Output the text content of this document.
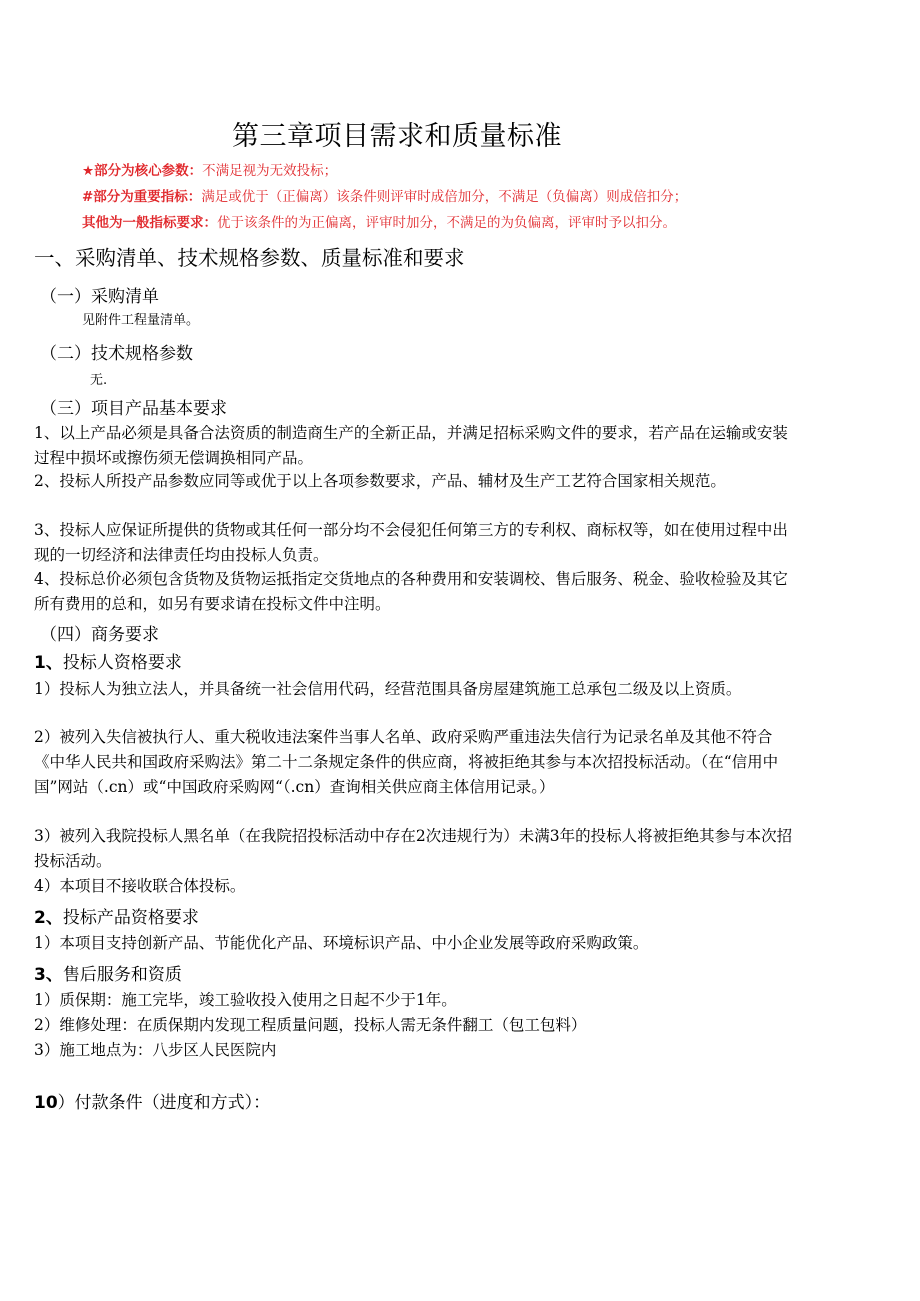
第三章项目需求和质量标准
★部分为核心参数：不满足视为无效投标；
#部分为重要指标：满足或优于（正偏离）该条件则评审时成倍加分，不满足（负偏离）则成倍扣分；
其他为一般指标要求：优于该条件的为正偏离，评审时加分，不满足的为负偏离，评审时予以扣分。
一、采购清单、技术规格参数、质量标准和要求
（一）采购清单
见附件工程量清单。
（二）技术规格参数
无.
（三）项目产品基本要求
1、以上产品必须是具备合法资质的制造商生产的全新正品，并满足招标采购文件的要求，若产品在运输或安装过程中损坏或擦伤须无偿调换相同产品。
2、投标人所投产品参数应同等或优于以上各项参数要求，产品、辅材及生产工艺符合国家相关规范。
3、投标人应保证所提供的货物或其任何一部分均不会侵犯任何第三方的专利权、商标权等，如在使用过程中出现的一切经济和法律责任均由投标人负责。
4、投标总价必须包含货物及货物运抵指定交货地点的各种费用和安装调校、售后服务、税金、验收检验及其它所有费用的总和，如另有要求请在投标文件中注明。
（四）商务要求
1、投标人资格要求
1）投标人为独立法人，并具备统一社会信用代码，经营范围具备房屋建筑施工总承包二级及以上资质。
2）被列入失信被执行人、重大税收违法案件当事人名单、政府采购严重违法失信行为记录名单及其他不符合《中华人民共和国政府采购法》第二十二条规定条件的供应商，将被拒绝其参与本次招投标活动。（在“信用中国”网站（.cn）或“中国政府采购网“（.cn）查询相关供应商主体信用记录。）
3）被列入我院投标人黑名单（在我院招投标活动中存在2次违规行为）未满3年的投标人将被拒绝其参与本次招投标活动。
4）本项目不接收联合体投标。
2、投标产品资格要求
1）本项目支持创新产品、节能优化产品、环境标识产品、中小企业发展等政府采购政策。
3、售后服务和资质
1）质保期：施工完毕，竣工验收投入使用之日起不少于1年。
2）维修处理：在质保期内发现工程质量问题，投标人需无条件翻工（包工包料）
3）施工地点为：八步区人民医院内
10）付款条件（进度和方式）：
